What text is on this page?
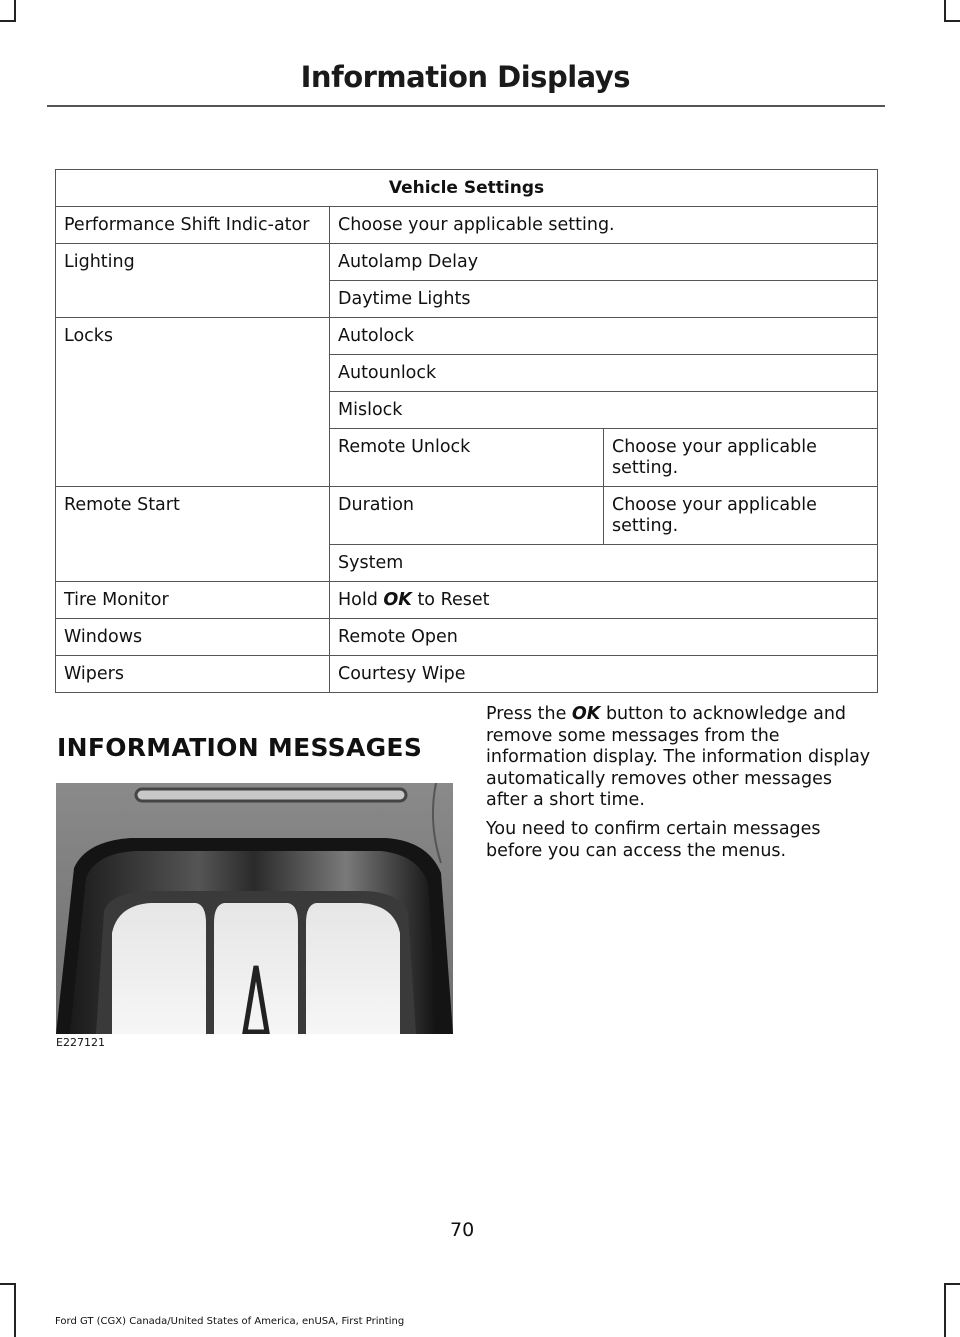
Information Displays
Vehicle Settings		
Performance Shift Indic-ator	Choose your applicable setting.	
Lighting	Autolamp Delay	
	Daytime Lights	
Locks	Autolock	
	Autounlock	
	Mislock	
	Remote Unlock	Choose your applicable setting.
Remote Start	Duration	Choose your applicable setting.
	System	
Tire Monitor	Hold OK to Reset	
Windows	Remote Open	
Wipers	Courtesy Wipe	
INFORMATION MESSAGES
E227121

Press the OK button to acknowledge and remove some messages from the information display. The information display automatically removes other messages after a short time.

You need to confirm certain messages before you can access the menus.

70
Ford GT (CGX) Canada/United States of America, enUSA, First Printing
